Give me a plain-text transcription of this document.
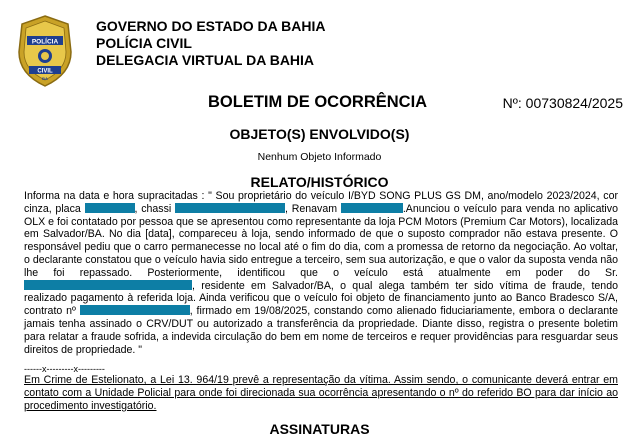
POLÍCIA
CIVIL
BA
GOVERNO DO ESTADO DA BAHIA
POLÍCIA CIVIL
DELEGACIA VIRTUAL DA BAHIA
BOLETIM DE OCORRÊNCIA	Nº: 00730824/2025
OBJETO(S) ENVOLVIDO(S)
Nenhum Objeto Informado
RELATO/HISTÓRICO
Informa na data e hora supracitadas : " Sou proprietário do veículo I/BYD SONG PLUS GS DM, ano/modelo 2023/2024, cor cinza, placa	, chassi	, Renavam	.Anunciou o veículo para venda no aplicativo OLX e foi contatado por pessoa que se apresentou como representante da loja PCM Motors (Premium Car Motors), localizada em Salvador/BA. No dia [data], compareceu à loja, sendo informado de que o suposto comprador não estava presente. O responsável pediu que o carro permanecesse no local até o fim do dia, com a promessa de retorno da negociação. Ao voltar, o declarante constatou que o veículo havia sido entregue a terceiro, sem sua autorização, e que o valor da suposta venda não lhe foi repassado. Posteriormente, identificou que o veículo está atualmente em poder do Sr. , residente em Salvador/BA, o qual alega também ter sido vítima de fraude, tendo realizado pagamento à referida loja. Ainda verificou que o veículo foi objeto de financiamento junto ao Banco Bradesco S/A, contrato nº	, firmado em 19/08/2025, constando como alienado fiduciariamente, embora o declarante jamais tenha assinado o CRV/DUT ou autorizado a transferência da propriedade. Diante disso, registra o presente boletim para relatar a fraude sofrida, a indevida circulação do bem em nome de terceiros e requer providências para resguardar seus direitos de propriedade. "
------x---------x---------
Em Crime de Estelionato, a Lei 13. 964/19 prevê a representação da vítima. Assim sendo, o comunicante deverá entrar em contato com a Unidade Policial para onde foi direcionada sua ocorrência apresentando o nº do referido BO para dar início ao procedimento investigatório.
ASSINATURAS
